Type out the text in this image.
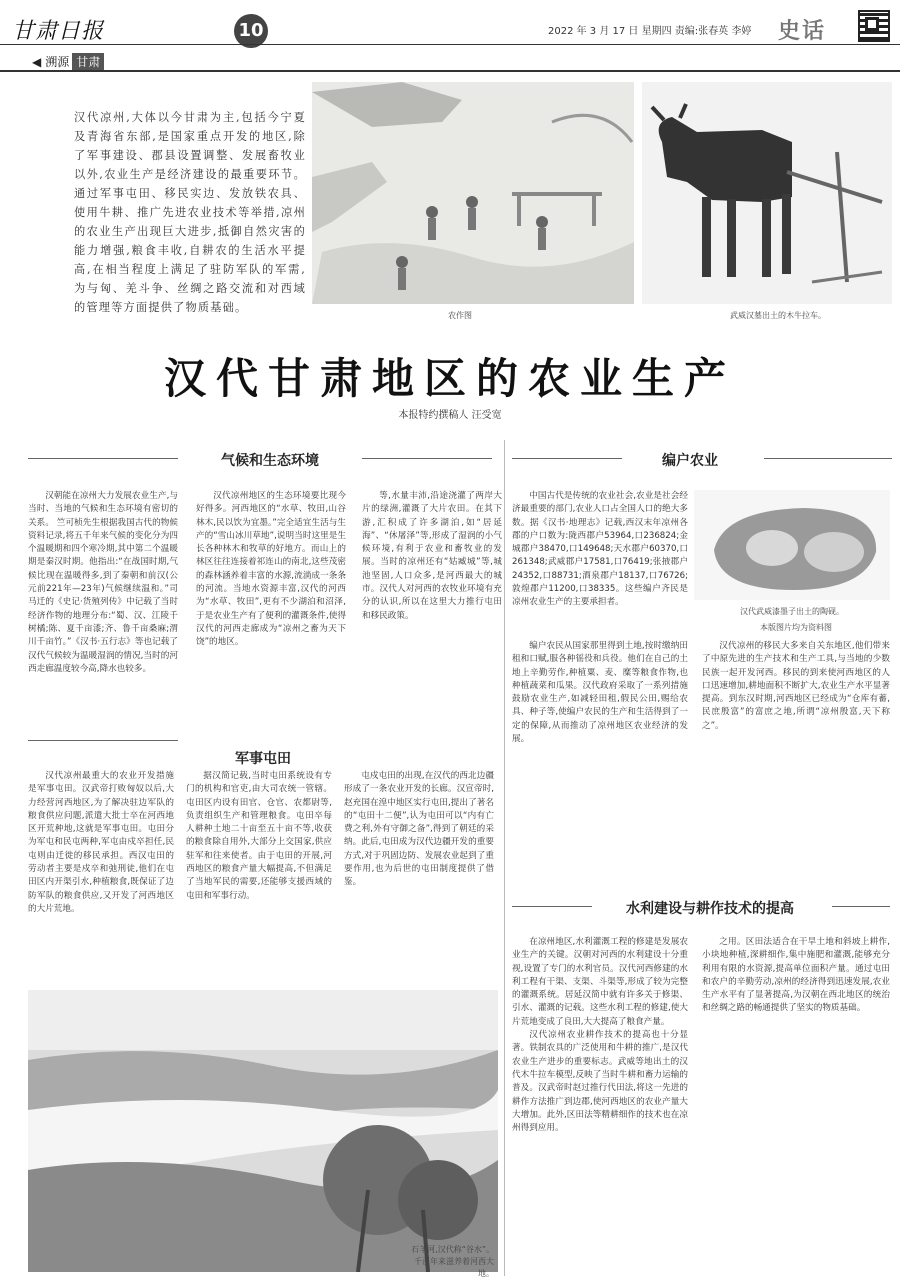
甘肃日报	10	2022 年 3 月 17 日 星期四 责编:张春英 李婷 史话
◀ 溯源 甘肃
汉代凉州,大体以今甘肃为主,包括今宁夏及青海省东部,是国家重点开发的地区,除了军事建设、郡县设置调整、发展畜牧业以外,农业生产是经济建设的最重要环节。通过军事屯田、移民实边、发放铁农具、使用牛耕、推广先进农业技术等举措,凉州的农业生产出现巨大进步,抵御自然灾害的能力增强,粮食丰收,自耕农的生活水平提高,在相当程度上满足了驻防军队的军需,为与匈、羌斗争、丝绸之路交流和对西域的管理等方面提供了物质基础。
农作图	武威汉墓出土的木牛拉车。
汉代甘肃地区的农业生产
本报特约撰稿人 汪受宽
气候和生态环境

汉朝能在凉州大力发展农业生产,与当时、当地的气候和生态环境有密切的关系。 竺可桢先生根据我国古代的物候资料记录,将五千年来气候的变化分为四个温暖期和四个寒冷期,其中第二个温暖期是秦汉时期。他指出:“在战国时期,气候比现在温暖得多,到了秦朝和前汉(公元前221年—23年)气候继续温和。”司马迁的《史记·货殖列传》中记载了当时经济作物的地理分布:“蜀、汉、江陵千树橘;陈、夏千亩漆;齐、鲁千亩桑麻;渭川千亩竹。”《汉书·五行志》等也记载了汉代气候较为温暖湿润的情况,当时的河西走廊温度较今高,降水也较多。

汉代凉州地区的生态环境要比现今好得多。河西地区的“水草、牧田,山谷林木,民以饮为宜墨。”完全适宜生活与生产的“雪山冰川草地”,说明当时这里是生长各种林木和牧草的好地方。而山上的林区往往连接着祁连山的南北,这些茂密的森林涵养着丰富的水源,流淌成一条条的河流。当地水资源丰富,汉代的河西为“水草、牧田”,更有不少湖泊和沼泽,于是农业生产有了便利的灌溉条件,使得汉代的河西走廊成为“凉州之畜为天下饶”的地区。

等,水量丰沛,沿途浇灌了两岸大片的绿洲,灌溉了大片农田。在其下游,汇积成了许多湖泊,如“居延海”、“休屠泽”等,形成了湿润的小气候环境,有利于农业和畜牧业的发展。当时的凉州还有“姑臧城”等,城池坚固,人口众多,是河西最大的城市。汉代人对河西的农牧业环境有充分的认识,所以在这里大力推行屯田和移民政策。

军事屯田

汉代凉州最重大的农业开发措施是军事屯田。汉武帝打败匈奴以后,大力经营河西地区,为了解决驻边军队的粮食供应问题,派遣大批士卒在河西地区开荒种地,这就是军事屯田。屯田分为军屯和民屯两种,军屯由戍卒担任,民屯则由迁徙的移民承担。西汉屯田的劳动者主要是戍卒和弛刑徒,他们在屯田区内开渠引水,种植粮食,既保证了边防军队的粮食供应,又开发了河西地区的大片荒地。

据汉简记载,当时屯田系统设有专门的机构和官吏,由大司农统一管辖。屯田区内设有田官、仓官、农都尉等,负责组织生产和管理粮食。屯田卒每人耕种土地二十亩至五十亩不等,收获的粮食除自用外,大部分上交国家,供应驻军和往来使者。由于屯田的开展,河西地区的粮食产量大幅提高,不但满足了当地军民的需要,还能够支援西域的屯田和军事行动。

屯戍屯田的出现,在汉代的西北边疆形成了一条农业开发的长廊。汉宣帝时,赵充国在湟中地区实行屯田,提出了著名的“屯田十二便”,认为屯田可以“内有亡费之利,外有守御之备”,得到了朝廷的采纳。此后,屯田成为汉代边疆开发的重要方式,对于巩固边防、发展农业起到了重要作用,也为后世的屯田制度提供了借鉴。

石羊河,汉代称“谷水”。千百年来滋养着河西大地。
编户农业

中国古代是传统的农业社会,农业是社会经济最重要的部门,农业人口占全国人口的绝大多数。据《汉书·地理志》记载,西汉末年凉州各郡的户口数为:陇西郡户53964,口236824;金城郡户38470,口149648;天水郡户60370,口261348;武威郡户17581,口76419;张掖郡户24352,口88731;酒泉郡户18137,口76726;敦煌郡户11200,口38335。这些编户齐民是凉州农业生产的主要承担者。

汉代武威漆墨子出土的陶砚。
本版图片均为资料图

编户农民从国家那里得到土地,按时缴纳田租和口赋,服各种徭役和兵役。他们在自己的土地上辛勤劳作,种植粟、麦、糜等粮食作物,也种植蔬菜和瓜果。汉代政府采取了一系列措施鼓励农业生产,如减轻田租,假民公田,赐给农具、种子等,使编户农民的生产和生活得到了一定的保障,从而推动了凉州地区农业经济的发展。

汉代凉州的移民大多来自关东地区,他们带来了中原先进的生产技术和生产工具,与当地的少数民族一起开发河西。移民的到来使河西地区的人口迅速增加,耕地面积不断扩大,农业生产水平显著提高。到东汉时期,河西地区已经成为“仓库有蓄,民庶殷富”的富庶之地,所谓“凉州殷富,天下称之”。

水利建设与耕作技术的提高

在凉州地区,水利灌溉工程的修建是发展农业生产的关键。汉朝对河西的水利建设十分重视,设置了专门的水利官员。汉代河西修建的水利工程有干渠、支渠、斗渠等,形成了较为完整的灌溉系统。居延汉简中就有许多关于修渠、引水、灌溉的记载。这些水利工程的修建,使大片荒地变成了良田,大大提高了粮食产量。

汉代凉州农业耕作技术的提高也十分显著。铁制农具的广泛使用和牛耕的推广,是汉代农业生产进步的重要标志。武威等地出土的汉代木牛拉车模型,反映了当时牛耕和畜力运输的普及。汉武帝时赵过推行代田法,将这一先进的耕作方法推广到边郡,使河西地区的农业产量大大增加。此外,区田法等精耕细作的技术也在凉州得到应用。

之用。区田法适合在干旱土地和斜坡上耕作,小块地种植,深耕细作,集中施肥和灌溉,能够充分利用有限的水资源,提高单位面积产量。通过屯田和农户的辛勤劳动,凉州的经济得到迅速发展,农业生产水平有了显著提高,为汉朝在西北地区的统治和丝绸之路的畅通提供了坚实的物质基础。
